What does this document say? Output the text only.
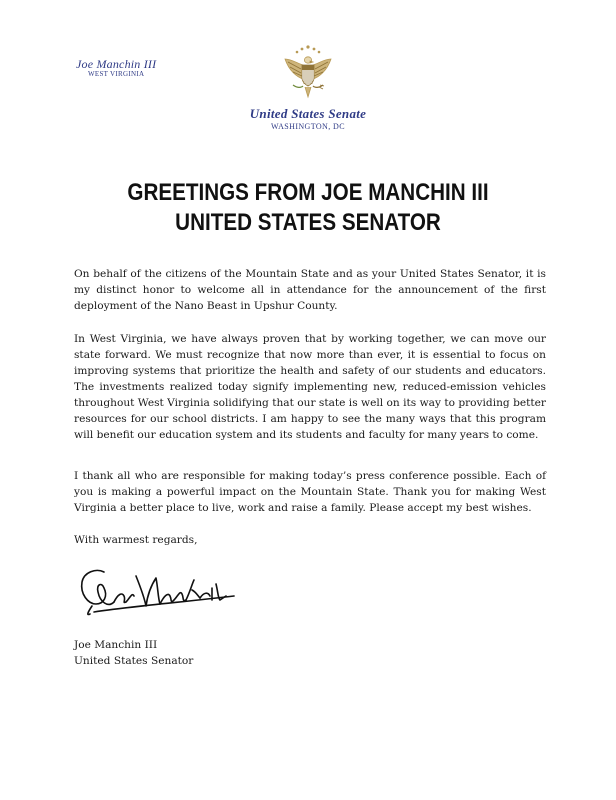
Joe Manchin III
WEST VIRGINIA
United States Senate
WASHINGTON, DC
GREETINGS FROM JOE MANCHIN III
UNITED STATES SENATOR

On behalf of the citizens of the Mountain State and as your United States Senator, it is my distinct honor to welcome all in attendance for the announcement of the first deployment of the Nano Beast in Upshur County.

In West Virginia, we have always proven that by working together, we can move our state forward. We must recognize that now more than ever, it is essential to focus on improving systems that prioritize the health and safety of our students and educators. The investments realized today signify implementing new, reduced-emission vehicles throughout West Virginia solidifying that our state is well on its way to providing better resources for our school districts. I am happy to see the many ways that this program will benefit our education system and its students and faculty for many years to come.

I thank all who are responsible for making today’s press conference possible. Each of you is making a powerful impact on the Mountain State. Thank you for making West Virginia a better place to live, work and raise a family. Please accept my best wishes.

With warmest regards,

Joe Manchin III

United States Senator
